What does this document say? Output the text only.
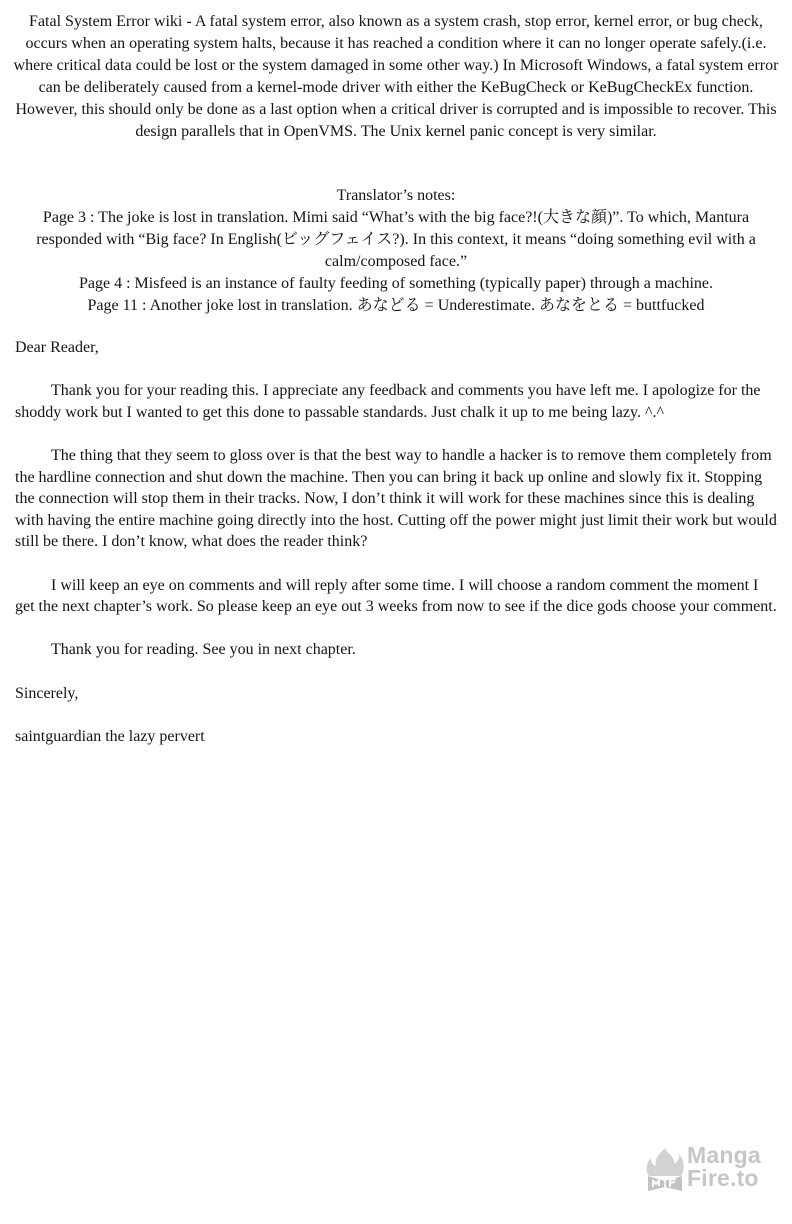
Fatal System Error wiki - A fatal system error, also known as a system crash, stop error, kernel error, or bug check, occurs when an operating system halts, because it has reached a condition where it can no longer operate safely.(i.e. where critical data could be lost or the system damaged in some other way.) In Microsoft Windows, a fatal system error can be deliberately caused from a kernel-mode driver with either the KeBugCheck or KeBugCheckEx function. However, this should only be done as a last option when a critical driver is corrupted and is impossible to recover. This design parallels that in OpenVMS. The Unix kernel panic concept is very similar.

Translator’s notes:

Page 3 : The joke is lost in translation. Mimi said “What’s with the big face?!(大きな顔)”. To which, Mantura responded with “Big face? In English(ビッグフェイス?). In this context, it means “doing something evil with a calm/composed face.”

Page 4 : Misfeed is an instance of faulty feeding of something (typically paper) through a machine.

Page 11 : Another joke lost in translation. あなどる = Underestimate. あなをとる = buttfucked

Dear Reader,

Thank you for your reading this. I appreciate any feedback and comments you have left me. I apologize for the shoddy work but I wanted to get this done to passable standards. Just chalk it up to me being lazy. ^.^

The thing that they seem to gloss over is that the best way to handle a hacker is to remove them completely from the hardline connection and shut down the machine. Then you can bring it back up online and slowly fix it. Stopping the connection will stop them in their tracks. Now, I don’t think it will work for these machines since this is dealing with having the entire machine going directly into the host. Cutting off the power might just limit their work but would still be there. I don’t know, what does the reader think?

I will keep an eye on comments and will reply after some time. I will choose a random comment the moment I get the next chapter’s work. So please keep an eye out 3 weeks from now to see if the dice gods choose your comment.

Thank you for reading. See you in next chapter.

Sincerely,

saintguardian the lazy pervert

Manga
Fire.to
